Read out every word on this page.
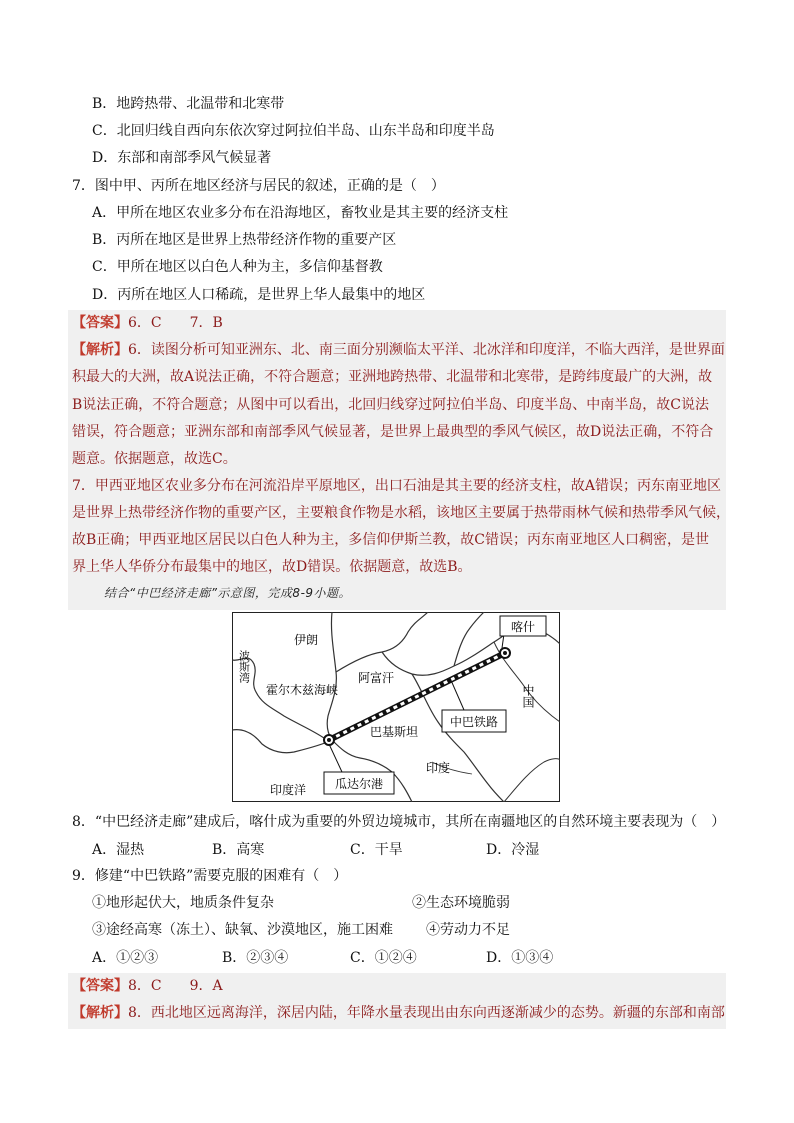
B．地跨热带、北温带和北寒带
C．北回归线自西向东依次穿过阿拉伯半岛、山东半岛和印度半岛
D．东部和南部季风气候显著
7．图中甲、丙所在地区经济与居民的叙述，正确的是（　）
A．甲所在地区农业多分布在沿海地区，畜牧业是其主要的经济支柱
B．丙所在地区是世界上热带经济作物的重要产区
C．甲所在地区以白色人种为主，多信仰基督教
D．丙所在地区人口稀疏，是世界上华人最集中的地区
【答案】6．C　　7．B
【解析】6．读图分析可知亚洲东、北、南三面分别濒临太平洋、北冰洋和印度洋，不临大西洋，是世界面
积最大的大洲，故A说法正确，不符合题意；亚洲地跨热带、北温带和北寒带，是跨纬度最广的大洲，故
B说法正确，不符合题意；从图中可以看出，北回归线穿过阿拉伯半岛、印度半岛、中南半岛，故C说法
错误，符合题意；亚洲东部和南部季风气候显著，是世界上最典型的季风气候区，故D说法正确，不符合
题意。依据题意，故选C。
7．甲西亚地区农业多分布在河流沿岸平原地区，出口石油是其主要的经济支柱，故A错误；丙东南亚地区
是世界上热带经济作物的重要产区，主要粮食作物是水稻，该地区主要属于热带雨林气候和热带季风气候，
故B正确；甲西亚地区居民以白色人种为主，多信仰伊斯兰教，故C错误；丙东南亚地区人口稠密，是世
界上华人华侨分布最集中的地区，故D错误。依据题意，故选B。
结合“中巴经济走廊”示意图，完成8-9小题。
喀什
中巴铁路
瓜达尔港
伊朗
阿富汗
巴基斯坦
印度
中国
霍尔木兹海峡
波斯湾
印度洋
8．“中巴经济走廊”建成后，喀什成为重要的外贸边境城市，其所在南疆地区的自然环境主要表现为（　）
A．湿热	B．高寒	C．干旱	D．冷湿
9．修建“中巴铁路”需要克服的困难有（　）
①地形起伏大，地质条件复杂	②生态环境脆弱
③途经高寒（冻土）、缺氧、沙漠地区，施工困难 ④劳动力不足
A．①②③	B．②③④	C．①②④	D．①③④
【答案】8．C　　9．A
【解析】8．西北地区远离海洋，深居内陆，年降水量表现出由东向西逐渐减少的态势。新疆的东部和南部
